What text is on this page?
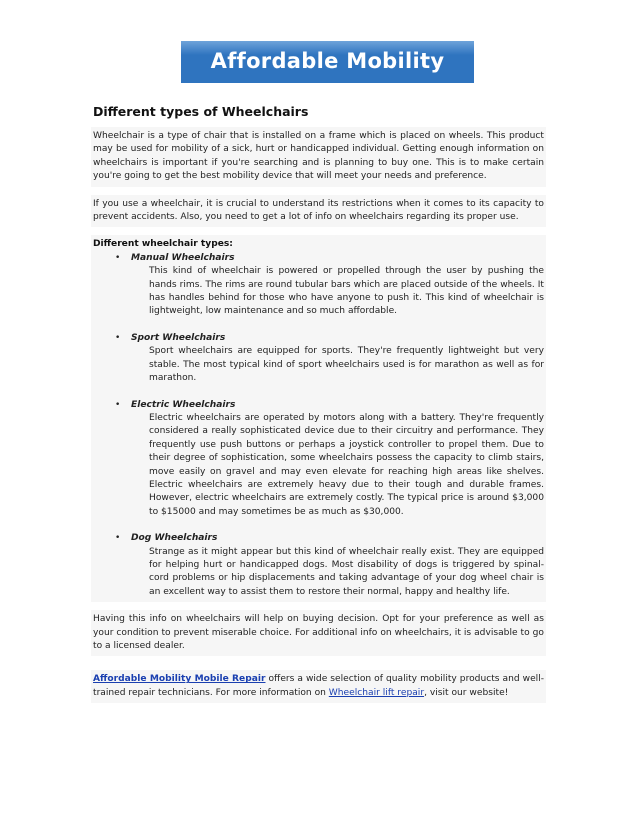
Affordable Mobility
Different types of Wheelchairs
Wheelchair is a type of chair that is installed on a frame which is placed on wheels. This product may be used for mobility of a sick, hurt or handicapped individual. Getting enough information on wheelchairs is important if you're searching and is planning to buy one. This is to make certain you're going to get the best mobility device that will meet your needs and preference.
If you use a wheelchair, it is crucial to understand its restrictions when it comes to its capacity to prevent accidents. Also, you need to get a lot of info on wheelchairs regarding its proper use.
Different wheelchair types:
• Manual Wheelchairs
This kind of wheelchair is powered or propelled through the user by pushing the hands rims. The rims are round tubular bars which are placed outside of the wheels. It has handles behind for those who have anyone to push it. This kind of wheelchair is lightweight, low maintenance and so much affordable.
• Sport Wheelchairs
Sport wheelchairs are equipped for sports. They're frequently lightweight but very stable. The most typical kind of sport wheelchairs used is for marathon as well as for marathon.
• Electric Wheelchairs
Electric wheelchairs are operated by motors along with a battery. They're frequently considered a really sophisticated device due to their circuitry and performance. They frequently use push buttons or perhaps a joystick controller to propel them. Due to their degree of sophistication, some wheelchairs possess the capacity to climb stairs, move easily on gravel and may even elevate for reaching high areas like shelves. Electric wheelchairs are extremely heavy due to their tough and durable frames. However, electric wheelchairs are extremely costly. The typical price is around $3,000 to $15000 and may sometimes be as much as $30,000.
• Dog Wheelchairs
Strange as it might appear but this kind of wheelchair really exist. They are equipped for helping hurt or handicapped dogs. Most disability of dogs is triggered by spinal-cord problems or hip displacements and taking advantage of your dog wheel chair is an excellent way to assist them to restore their normal, happy and healthy life.
Having this info on wheelchairs will help on buying decision. Opt for your preference as well as your condition to prevent miserable choice. For additional info on wheelchairs, it is advisable to go to a licensed dealer.
Affordable Mobility Mobile Repair offers a wide selection of quality mobility products and well-trained repair technicians. For more information on Wheelchair lift repair, visit our website!
